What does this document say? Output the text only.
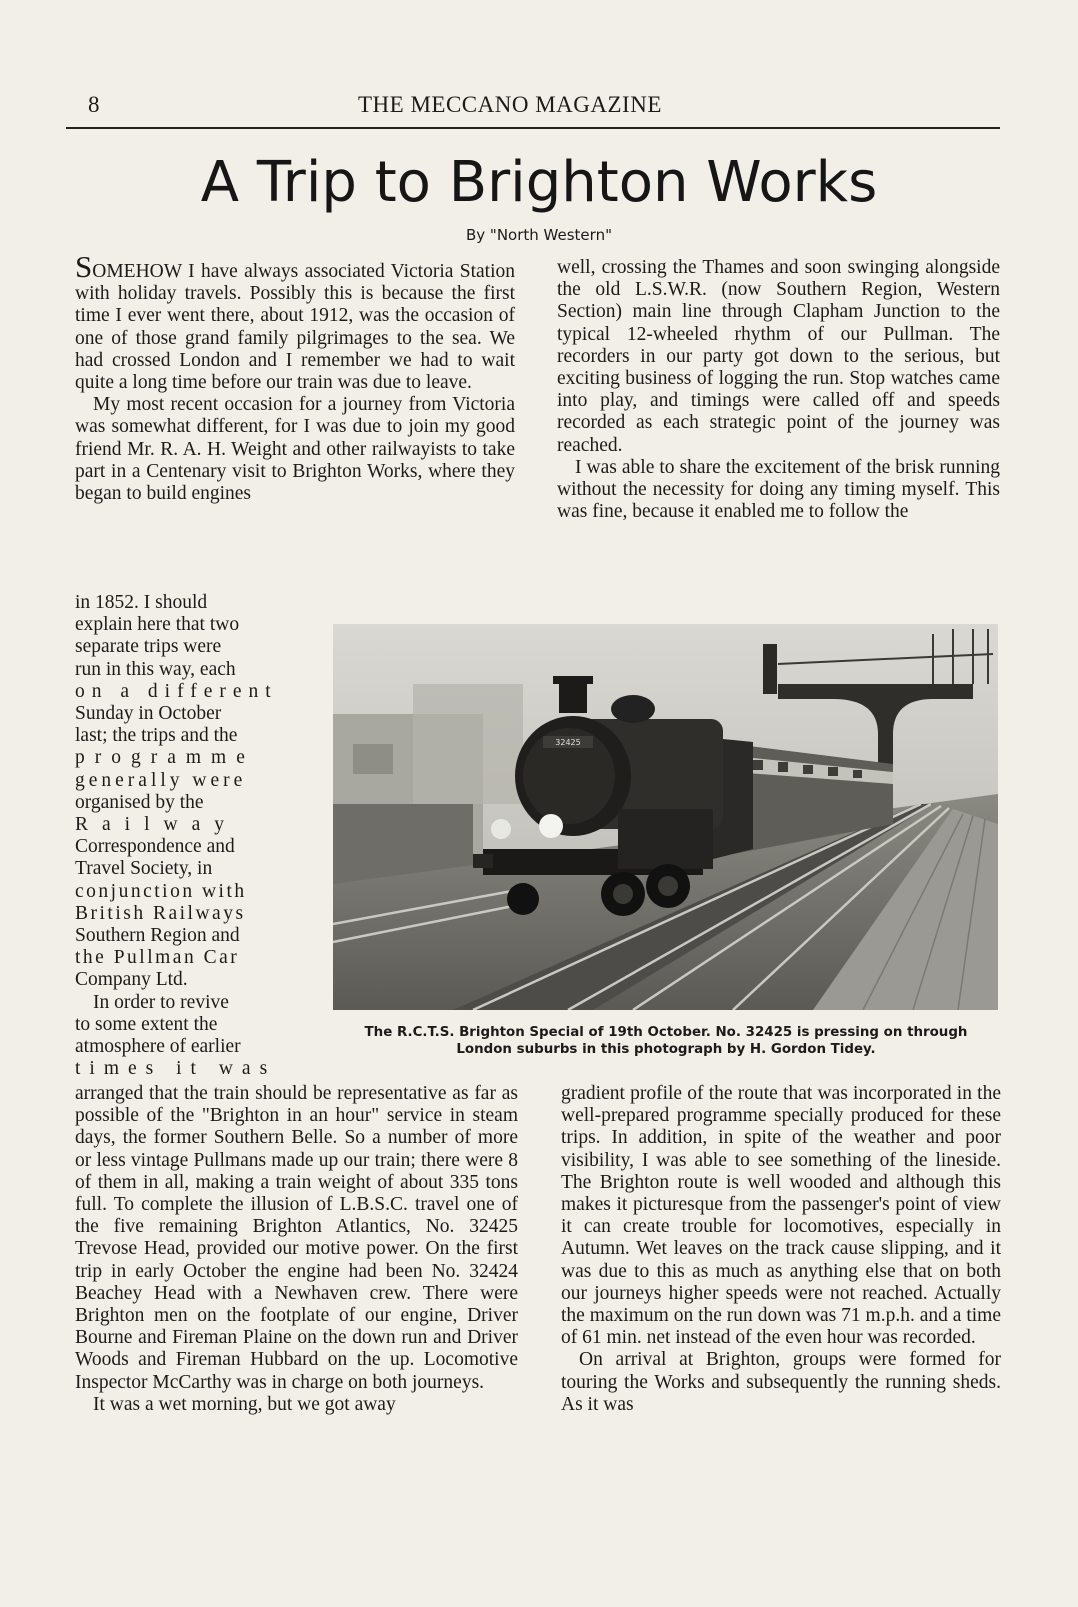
8	THE MECCANO MAGAZINE
A Trip to Brighton Works
By "North Western"

SOMEHOW I have always associated Victoria Station with holiday travels. Possibly this is because the first time I ever went there, about 1912, was the occasion of one of those grand family pilgrimages to the sea. We had crossed London and I remember we had to wait quite a long time before our train was due to leave.

My most recent occasion for a journey from Victoria was somewhat different, for I was due to join my good friend Mr. R. A. H. Weight and other railwayists to take part in a Centenary visit to Brighton Works, where they began to build engines

in 1852. I should
explain here that two
separate trips were
run in this way, each
on a different
Sunday in October
last; the trips and the
programme
generally were
organised by the
Railway
Correspondence and
Travel Society, in
conjunction with
British Railways
Southern Region and
the Pullman Car
Company Ltd.
In order to revive
to some extent the
atmosphere of earlier
times it was

arranged that the train should be representative as far as possible of the "Brighton in an hour" service in steam days, the former Southern Belle. So a number of more or less vintage Pullmans made up our train; there were 8 of them in all, making a train weight of about 335 tons full. To complete the illusion of L.B.S.C. travel one of the five remaining Brighton Atlantics, No. 32425 Trevose Head, provided our motive power. On the first trip in early October the engine had been No. 32424 Beachey Head with a Newhaven crew. There were Brighton men on the footplate of our engine, Driver Bourne and Fireman Plaine on the down run and Driver Woods and Fireman Hubbard on the up. Locomotive Inspector McCarthy was in charge on both journeys.

It was a wet morning, but we got away

well, crossing the Thames and soon swinging alongside the old L.S.W.R. (now Southern Region, Western Section) main line through Clapham Junction to the typical 12-wheeled rhythm of our Pullman. The recorders in our party got down to the serious, but exciting business of logging the run. Stop watches came into play, and timings were called off and speeds recorded as each strategic point of the journey was reached.

I was able to share the excitement of the brisk running without the necessity for doing any timing myself. This was fine, because it enabled me to follow the

32425
The R.C.T.S. Brighton Special of 19th October. No. 32425 is pressing on through
London suburbs in this photograph by H. Gordon Tidey.

gradient profile of the route that was incorporated in the well-prepared programme specially produced for these trips. In addition, in spite of the weather and poor visibility, I was able to see something of the lineside. The Brighton route is well wooded and although this makes it picturesque from the passenger's point of view it can create trouble for locomotives, especially in Autumn. Wet leaves on the track cause slipping, and it was due to this as much as anything else that on both our journeys higher speeds were not reached. Actually the maximum on the run down was 71 m.p.h. and a time of 61 min. net instead of the even hour was recorded.

On arrival at Brighton, groups were formed for touring the Works and subsequently the running sheds. As it was
